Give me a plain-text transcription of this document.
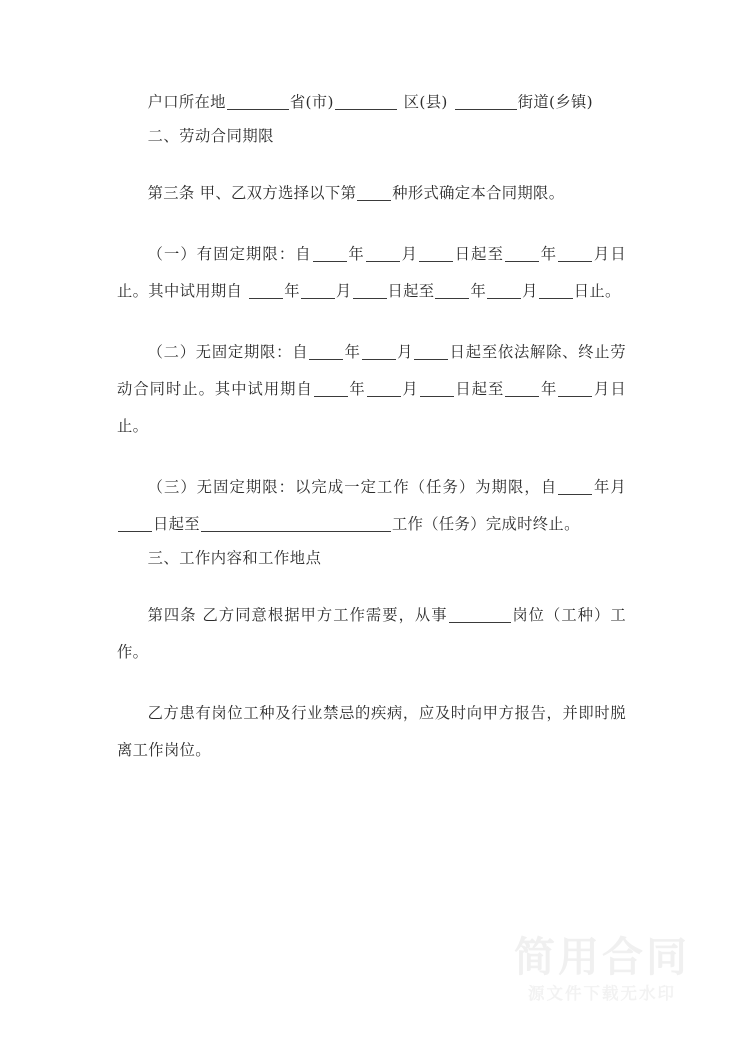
户口所在地	省(市)	区(县)	街道(乡镇)
二、劳动合同期限
第三条 甲、乙双方选择以下第 种形式确定本合同期限。
（一）有固定期限：自 年 月 日起至 年 月日止。其中试用期自	年 月 日起至 年 月 日止。
（二）无固定期限：自 年 月 日起至依法解除、终止劳动合同时止。其中试用期自 年 月 日起至 年 月日止。
（三）无固定期限：以完成一定工作（任务）为期限，自 年月日起至	工作（任务）完成时终止。
三、工作内容和工作地点
第四条 乙方同意根据甲方工作需要，从事	岗位（工种）工作。
乙方患有岗位工种及行业禁忌的疾病，应及时向甲方报告，并即时脱离工作岗位。
简用合同
源文件下载无水印
